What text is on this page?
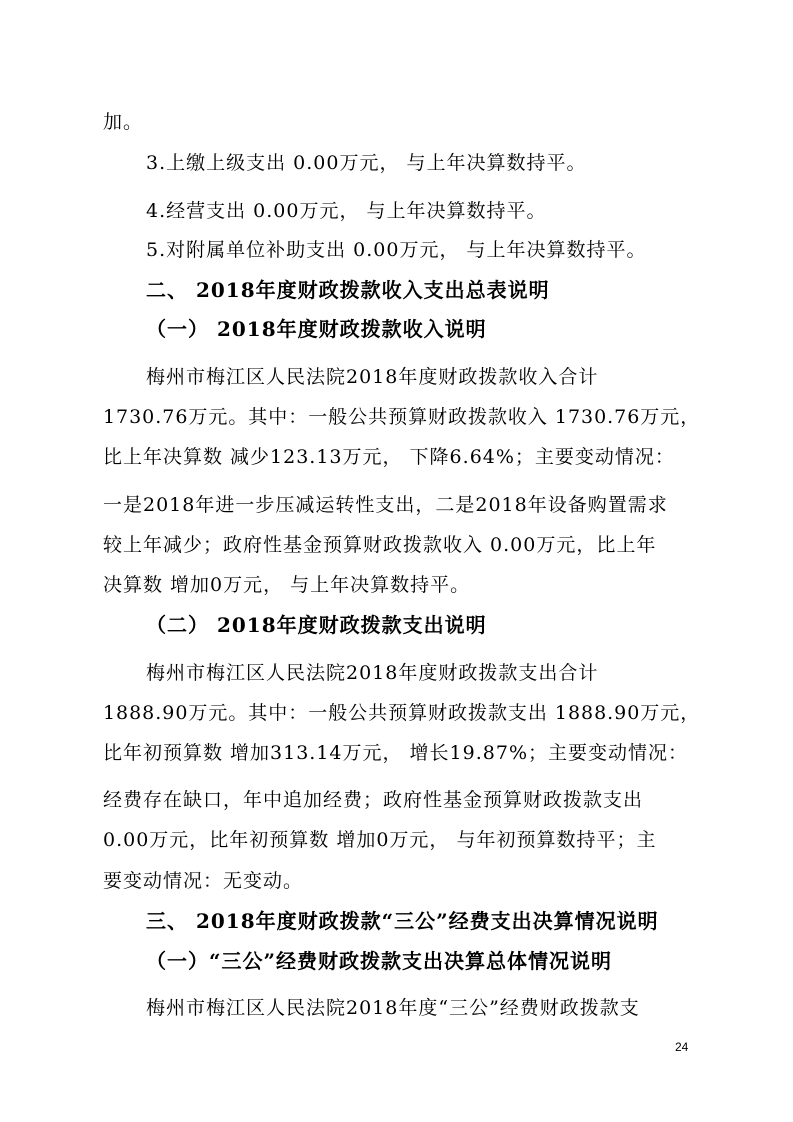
加。
3.上缴上级支出 0.00万元， 与上年决算数持平。
4.经营支出 0.00万元， 与上年决算数持平。
5.对附属单位补助支出 0.00万元， 与上年决算数持平。
二、 2018年度财政拨款收入支出总表说明
（一） 2018年度财政拨款收入说明
梅州市梅江区人民法院2018年度财政拨款收入合计
1730.76万元。其中：一般公共预算财政拨款收入 1730.76万元，
比上年决算数 减少123.13万元， 下降6.64%；主要变动情况：
一是2018年进一步压减运转性支出，二是2018年设备购置需求
较上年减少；政府性基金预算财政拨款收入 0.00万元，比上年
决算数 增加0万元， 与上年决算数持平。
（二） 2018年度财政拨款支出说明
梅州市梅江区人民法院2018年度财政拨款支出合计
1888.90万元。其中：一般公共预算财政拨款支出 1888.90万元，
比年初预算数 增加313.14万元， 增长19.87%；主要变动情况：
经费存在缺口，年中追加经费；政府性基金预算财政拨款支出
0.00万元，比年初预算数 增加0万元， 与年初预算数持平；主
要变动情况：无变动。
三、 2018年度财政拨款“三公”经费支出决算情况说明
（一）“三公”经费财政拨款支出决算总体情况说明
梅州市梅江区人民法院2018年度“三公”经费财政拨款支
24
